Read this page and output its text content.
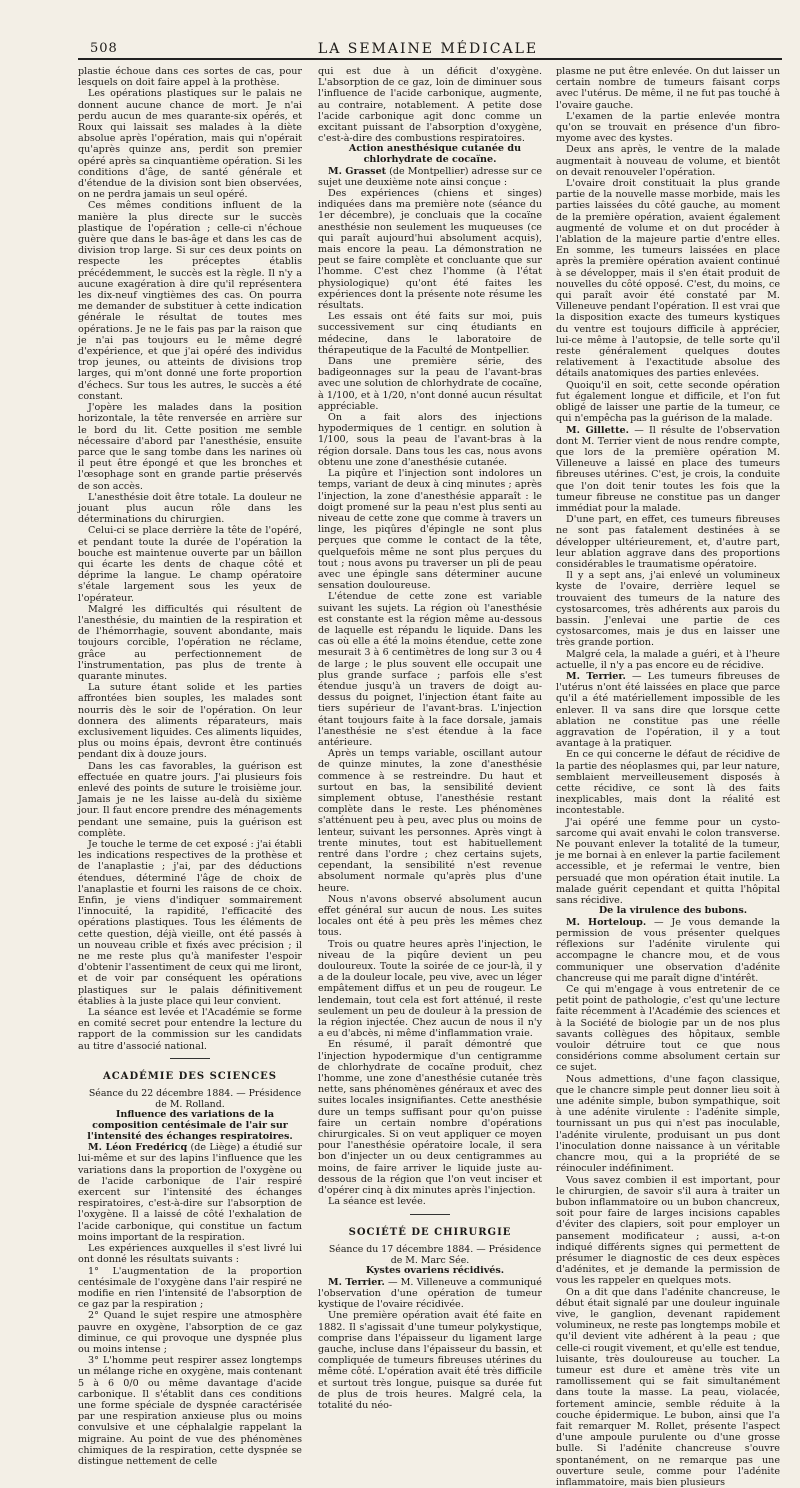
508	LA SEMAINE MÉDICALE

plastie échoue dans ces sortes de cas, pour lesquels on doit faire appel à la prothèse.

Les opérations plastiques sur le palais ne donnent aucune chance de mort. Je n'ai perdu aucun de mes quarante-six opérés, et Roux qui laissait ses malades à la diète absolue après l'opération, mais qui n'opérait qu'après quinze ans, perdit son premier opéré après sa cinquantième opération. Si les conditions d'âge, de santé générale et d'étendue de la division sont bien observées, on ne perdra jamais un seul opéré.

Ces mêmes conditions influent de la manière la plus directe sur le succès plastique de l'opération ; celle-ci n'échoue guère que dans le bas-âge et dans les cas de division trop large. Si sur ces deux points on respecte les préceptes établis précédemment, le succès est la règle. Il n'y a aucune exagération à dire qu'il représentera les dix-neuf vingtièmes des cas. On pourra me demander de substituer à cette indication générale le résultat de toutes mes opérations. Je ne le fais pas par la raison que je n'ai pas toujours eu le même degré d'expérience, et que j'ai opéré des individus trop jeunes, ou atteints de divisions trop larges, qui m'ont donné une forte proportion d'échecs. Sur tous les autres, le succès a été constant.

J'opère les malades dans la position horizontale, la tête renversée en arrière sur le bord du lit. Cette position me semble nécessaire d'abord par l'anesthésie, ensuite parce que le sang tombe dans les narines où il peut être épongé et que les bronches et l'œsophage sont en grande partie préservés de son accès.

L'anesthésie doit être totale. La douleur ne jouant plus aucun rôle dans les déterminations du chirurgien.

Celui-ci se place derrière la tête de l'opéré, et pendant toute la durée de l'opération la bouche est maintenue ouverte par un bâillon qui écarte les dents de chaque côté et déprime la langue. Le champ opératoire s'étale largement sous les yeux de l'opérateur.

Malgré les difficultés qui résultent de l'anesthésie, du maintien de la respiration et de l'hémorrhagie, souvent abondante, mais toujours corcible, l'opération ne réclame, grâce au perfectionnement de l'instrumentation, pas plus de trente à quarante minutes.

La suture étant solide et les parties affrontées bien souples, les malades sont nourris dès le soir de l'opération. On leur donnera des aliments réparateurs, mais exclusivement liquides. Ces aliments liquides, plus ou moins épais, devront être continués pendant dix à douze jours.

Dans les cas favorables, la guérison est effectuée en quatre jours. J'ai plusieurs fois enlevé des points de suture le troisième jour. Jamais je ne les laisse au-delà du sixième jour. Il faut encore prendre des ménagements pendant une semaine, puis la guérison est complète.

Je touche le terme de cet exposé : j'ai établi les indications respectives de la prothèse et de l'anaplastie ; j'ai, par des déductions étendues, déterminé l'âge de choix de l'anaplastie et fourni les raisons de ce choix. Enfin, je viens d'indiquer sommairement l'innocuité, la rapidité, l'efficacité des opérations plastiques. Tous les éléments de cette question, déjà vieille, ont été passés à un nouveau crible et fixés avec précision ; il ne me reste plus qu'à manifester l'espoir d'obtenir l'assentiment de ceux qui me liront, et de voir par conséquent les opérations plastiques sur le palais définitivement établies à la juste place qui leur convient.

La séance est levée et l'Académie se forme en comité secret pour entendre la lecture du rapport de la commission sur les candidats au titre d'associé national.

ACADÉMIE DES SCIENCES

Séance du 22 décembre 1884. — Présidence de M. Rolland.

Influence des variations de la composition centésimale de l'air sur l'intensité des échanges respiratoires.

M. Léon Fredéricq (de Liège) a étudié sur lui-même et sur des lapins l'influence que les variations dans la proportion de l'oxygène ou de l'acide carbonique de l'air respiré exercent sur l'intensité des échanges respiratoires, c'est-à-dire sur l'absorption de l'oxygène. Il a laissé de côté l'exhalation de l'acide carbonique, qui constitue un factum moins important de la respiration.

Les expériences auxquelles il s'est livré lui ont donné les résultats suivants :

1° L'augmentation de la proportion centésimale de l'oxygène dans l'air respiré ne modifie en rien l'intensité de l'absorption de ce gaz par la respiration ;

2° Quand le sujet respire une atmosphère pauvre en oxygène, l'absorption de ce gaz diminue, ce qui provoque une dyspnée plus ou moins intense ;

3° L'homme peut respirer assez longtemps un mélange riche en oxygène, mais contenant 5 à 6 0/0 ou même davantage d'acide carbonique. Il s'établit dans ces conditions une forme spéciale de dyspnée caractérisée par une respiration anxieuse plus ou moins convulsive et une céphalalgie rappelant la migraine. Au point de vue des phénomènes chimiques de la respiration, cette dyspnée se distingue nettement de celle

qui est due à un déficit d'oxygène. L'absorption de ce gaz, loin de diminuer sous l'influence de l'acide carbonique, augmente, au contraire, notablement. A petite dose l'acide carbonique agit donc comme un excitant puissant de l'absorption d'oxygène, c'est-à-dire des combustions respiratoires.

Action anesthésique cutanée du chlorhydrate de cocaïne.

M. Grasset (de Montpellier) adresse sur ce sujet une deuxième note ainsi conçue :

Des expériences (chiens et singes) indiquées dans ma première note (séance du 1er décembre), je concluais que la cocaïne anesthésie non seulement les muqueuses (ce qui paraît aujourd'hui absolument acquis), mais encore la peau. La démonstration ne peut se faire complète et concluante que sur l'homme. C'est chez l'homme (à l'état physiologique) qu'ont été faites les expériences dont la présente note résume les résultats.

Les essais ont été faits sur moi, puis successivement sur cinq étudiants en médecine, dans le laboratoire de thérapeutique de la Faculté de Montpellier.

Dans une première série, des badigeonnages sur la peau de l'avant-bras avec une solution de chlorhydrate de cocaïne, à 1/100, et à 1/20, n'ont donné aucun résultat appréciable.

On a fait alors des injections hypodermiques de 1 centigr. en solution à 1/100, sous la peau de l'avant-bras à la région dorsale. Dans tous les cas, nous avons obtenu une zone d'anesthésie cutanée.

La piqûre et l'injection sont indolores un temps, variant de deux à cinq minutes ; après l'injection, la zone d'anesthésie apparaît : le doigt promené sur la peau n'est plus senti au niveau de cette zone que comme à travers un linge, les piqûres d'épingle ne sont plus perçues que comme le contact de la tête, quelquefois même ne sont plus perçues du tout ; nous avons pu traverser un pli de peau avec une épingle sans déterminer aucune sensation douloureuse.

L'étendue de cette zone est variable suivant les sujets. La région où l'anesthésie est constante est la région même au-dessous de laquelle est répandu le liquide. Dans les cas où elle a été la moins étendue, cette zone mesurait 3 à 6 centimètres de long sur 3 ou 4 de large ; le plus souvent elle occupait une plus grande surface ; parfois elle s'est étendue jusqu'à un travers de doigt au-dessus du poignet, l'injection étant faite au tiers supérieur de l'avant-bras. L'injection étant toujours faite à la face dorsale, jamais l'anesthésie ne s'est étendue à la face antérieure.

Après un temps variable, oscillant autour de quinze minutes, la zone d'anesthésie commence à se restreindre. Du haut et surtout en bas, la sensibilité devient simplement obtuse, l'anesthésie restant complète dans le reste. Les phénomènes s'atténuent peu à peu, avec plus ou moins de lenteur, suivant les personnes. Après vingt à trente minutes, tout est habituellement rentré dans l'ordre ; chez certains sujets, cependant, la sensibilité n'est revenue absolument normale qu'après plus d'une heure.

Nous n'avons observé absolument aucun effet général sur aucun de nous. Les suites locales ont été à peu près les mêmes chez tous.

Trois ou quatre heures après l'injection, le niveau de la piqûre devient un peu douloureux. Toute la soirée de ce jour-là, il y a de la douleur locale, peu vive, avec un léger empâtement diffus et un peu de rougeur. Le lendemain, tout cela est fort atténué, il reste seulement un peu de douleur à la pression de la région injectée. Chez aucun de nous il n'y a eu d'abcès, ni même d'inflammation vraie.

En résumé, il paraît démontré que l'injection hypodermique d'un centigramme de chlorhydrate de cocaïne produit, chez l'homme, une zone d'anesthésie cutanée très nette, sans phénomènes généraux et avec des suites locales insignifiantes. Cette anesthésie dure un temps suffisant pour qu'on puisse faire un certain nombre d'opérations chirurgicales. Si on veut appliquer ce moyen pour l'anesthésie opératoire locale, il sera bon d'injecter un ou deux centigrammes au moins, de faire arriver le liquide juste au-dessous de la région que l'on veut inciser et d'opérer cinq à dix minutes après l'injection.

La séance est levée.

SOCIÉTÉ DE CHIRURGIE

Séance du 17 décembre 1884. — Présidence de M. Marc Sée.

Kystes ovariens récidivés.

M. Terrier. — M. Villeneuve a communiqué l'observation d'une opération de tumeur kystique de l'ovaire récidivée.

Une première opération avait été faite en 1882. Il s'agissait d'une tumeur polykystique, comprise dans l'épaisseur du ligament large gauche, incluse dans l'épaisseur du bassin, et compliquée de tumeurs fibreuses utérines du même côté. L'opération avait été très difficile et surtout très longue, puisque sa durée fut de plus de trois heures. Malgré cela, la totalité du néo-

plasme ne put être enlevée. On dut laisser un certain nombre de tumeurs faisant corps avec l'utérus. De même, il ne fut pas touché à l'ovaire gauche.

L'examen de la partie enlevée montra qu'on se trouvait en présence d'un fibro-myome avec des kystes.

Deux ans après, le ventre de la malade augmentait à nouveau de volume, et bientôt on devait renouveler l'opération.

L'ovaire droit constituait la plus grande partie de la nouvelle masse morbide, mais les parties laissées du côté gauche, au moment de la première opération, avaient également augmenté de volume et on dut procéder à l'ablation de la majeure partie d'entre elles. En somme, les tumeurs laissées en place après la première opération avaient continué à se développer, mais il s'en était produit de nouvelles du côté opposé. C'est, du moins, ce qui paraît avoir été constaté par M. Villeneuve pendant l'opération. Il est vrai que la disposition exacte des tumeurs kystiques du ventre est toujours difficile à apprécier, lui-ce même à l'autopsie, de telle sorte qu'il reste généralement quelques doutes relativement à l'exactitude absolue des détails anatomiques des parties enlevées.

Quoiqu'il en soit, cette seconde opération fut également longue et difficile, et l'on fut obligé de laisser une partie de la tumeur, ce qui n'empêcha pas la guérison de la malade.

M. Gillette. — Il résulte de l'observation dont M. Terrier vient de nous rendre compte, que lors de la première opération M. Villeneuve a laissé en place des tumeurs fibreuses utérines. C'est, je crois, la conduite que l'on doit tenir toutes les fois que la tumeur fibreuse ne constitue pas un danger immédiat pour la malade.

D'une part, en effet, ces tumeurs fibreuses ne sont pas fatalement destinées à se développer ultérieurement, et, d'autre part, leur ablation aggrave dans des proportions considérables le traumatisme opératoire.

Il y a sept ans, j'ai enlevé un volumineux kyste de l'ovaire, derrière lequel se trouvaient des tumeurs de la nature des cystosarcomes, très adhérents aux parois du bassin. J'enlevai une partie de ces cystosarcomes, mais je dus en laisser une très grande portion.

Malgré cela, la malade a guéri, et à l'heure actuelle, il n'y a pas encore eu de récidive.

M. Terrier. — Les tumeurs fibreuses de l'utérus n'ont été laissées en place que parce qu'il a été matériellement impossible de les enlever. Il va sans dire que lorsque cette ablation ne constitue pas une réelle aggravation de l'opération, il y a tout avantage à la pratiquer.

En ce qui concerne le défaut de récidive de la partie des néoplasmes qui, par leur nature, semblaient merveilleusement disposés à cette récidive, ce sont là des faits inexplicables, mais dont la réalité est incontestable.

J'ai opéré une femme pour un cysto-sarcome qui avait envahi le colon transverse. Ne pouvant enlever la totalité de la tumeur, je me bornai à en enlever la partie facilement accessible, et je refermai le ventre, bien persuadé que mon opération était inutile. La malade guérit cependant et quitta l'hôpital sans récidive.

De la virulence des bubons.

M. Horteloup. — Je vous demande la permission de vous présenter quelques réflexions sur l'adénite virulente qui accompagne le chancre mou, et de vous communiquer une observation d'adénite chancreuse qui me paraît digne d'intérêt.

Ce qui m'engage à vous entretenir de ce petit point de pathologie, c'est qu'une lecture faite récemment à l'Académie des sciences et à la Société de biologie par un de nos plus savants collègues des hôpitaux, semble vouloir détruire tout ce que nous considérions comme absolument certain sur ce sujet.

Nous admettions, d'une façon classique, que le chancre simple peut donner lieu soit à une adénite simple, bubon sympathique, soit à une adénite virulente : l'adénite simple, tournissant un pus qui n'est pas inoculable, l'adénite virulente, produisant un pus dont l'inoculation donne naissance à un véritable chancre mou, qui a la propriété de se réinoculer indéfiniment.

Vous savez combien il est important, pour le chirurgien, de savoir s'il aura à traiter un bubon inflammatoire ou un bubon chancreux, soit pour faire de larges incisions capables d'éviter des clapiers, soit pour employer un pansement modificateur ; aussi, a-t-on indiqué différents signes qui permettent de présumer le diagnostic de ces deux espèces d'adénites, et je demande la permission de vous les rappeler en quelques mots.

On a dit que dans l'adénite chancreuse, le début était signalé par une douleur inguinale vive, le ganglion, devenant rapidement volumineux, ne reste pas longtemps mobile et qu'il devient vite adhérent à la peau ; que celle-ci rougit vivement, et qu'elle est tendue, luisante, très douloureuse au toucher. La tumeur est dure et amène très vite un ramollissement qui se fait simultanément dans toute la masse. La peau, violacée, fortement amincie, semble réduite à la couche épidermique. Le bubon, ainsi que l'a fait remarquer M. Rollet, présente l'aspect d'une ampoule purulente ou d'une grosse bulle. Si l'adénite chancreuse s'ouvre spontanément, on ne remarque pas une ouverture seule, comme pour l'adénite inflammatoire, mais bien plusieurs
